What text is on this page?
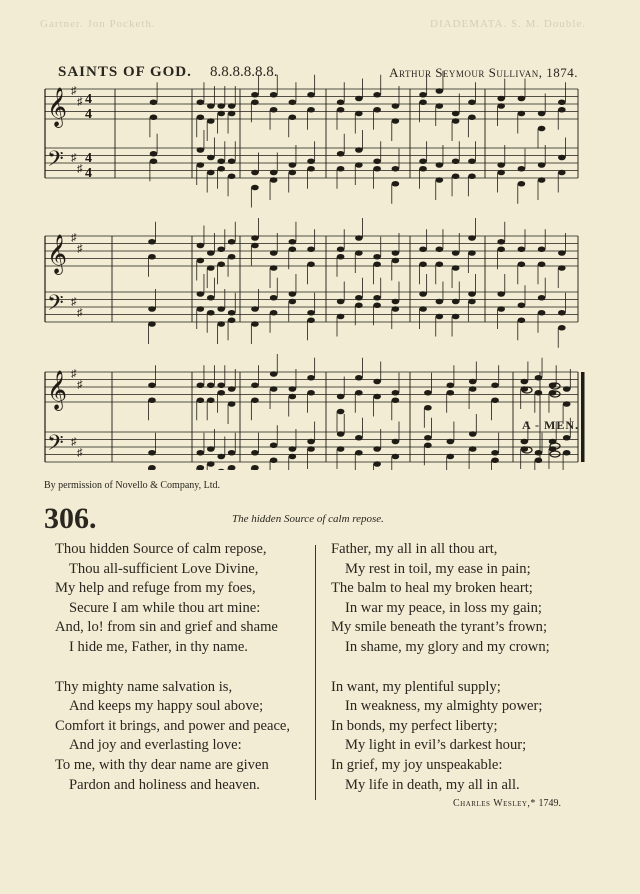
Gartner. Jon Pocketh.	DIADEMATA. S. M. Double.
SAINTS OF GOD. 8.8.8.8.8.8.	Arthur Seymour Sullivan, 1874.
𝄞 ♯
♯ 4
4
𝄢 ♯
♯
4
4
𝄞 ♯
♯
𝄢 ♯
♯
𝄞 ♯
♯
𝄢 ♯
♯
A - MEN.
By permission of Novello & Company, Ltd.
306.	The hidden Source of calm repose.
Thou hidden Source of calm repose,
Thou all-sufficient Love Divine,
My help and refuge from my foes,
Secure I am while thou art mine:
And, lo! from sin and grief and shame
I hide me, Father, in thy name.
Thy mighty name salvation is,
And keeps my happy soul above;
Comfort it brings, and power and peace,
And joy and everlasting love:
To me, with thy dear name are given
Pardon and holiness and heaven.
Father, my all in all thou art,
My rest in toil, my ease in pain;
The balm to heal my broken heart;
In war my peace, in loss my gain;
My smile beneath the tyrant’s frown;
In shame, my glory and my crown;
In want, my plentiful supply;
In weakness, my almighty power;
In bonds, my perfect liberty;
My light in evil’s darkest hour;
In grief, my joy unspeakable:
My life in death, my all in all.
Charles Wesley,* 1749.
